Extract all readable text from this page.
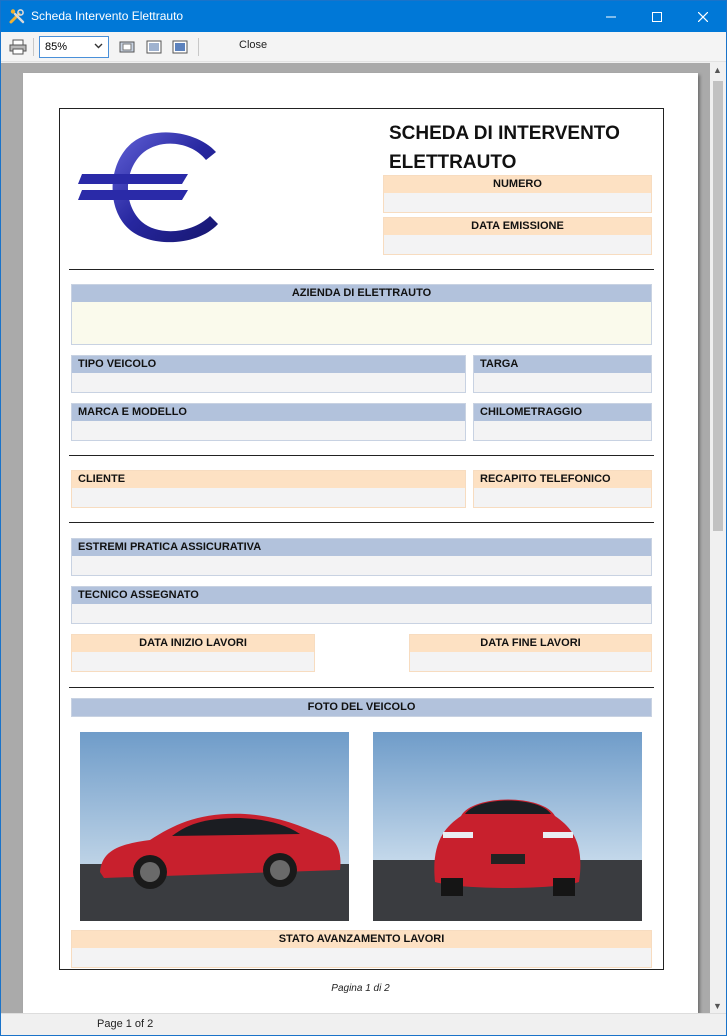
Scheda Intervento Elettrauto
85%	Close
SCHEDA DI INTERVENTO
ELETTRAUTO
NUMERO
DATA EMISSIONE
AZIENDA DI ELETTRAUTO
TIPO VEICOLO	TARGA
MARCA E MODELLO	CHILOMETRAGGIO
CLIENTE	RECAPITO TELEFONICO
ESTREMI PRATICA ASSICURATIVA
TECNICO ASSEGNATO
DATA INIZIO LAVORI	DATA FINE LAVORI
FOTO DEL VEICOLO
STATO AVANZAMENTO LAVORI
Pagina 1 di 2
▲
▼
Page 1 of 2
